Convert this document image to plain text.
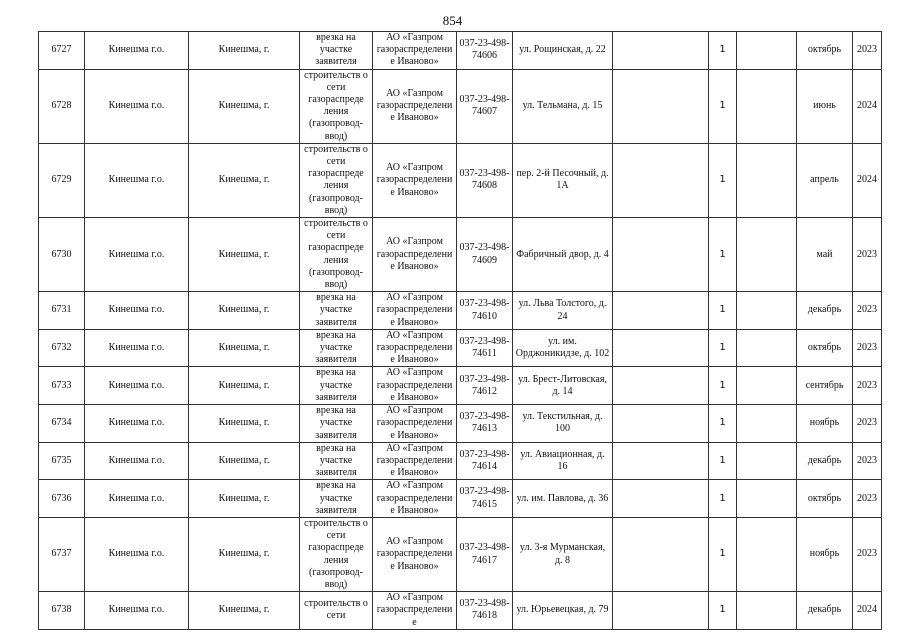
854
6727	Кинешма г.о.	Кинешма, г.	врезка на участке заявителя	АО «Газпром газораспределение Иваново»	037-23-498-74606	ул. Рощинская, д. 22		1		октябрь	2023
6728	Кинешма г.о.	Кинешма, г.	строительств о сети газораспреде ления (газопровод-ввод)	АО «Газпром газораспределение Иваново»	037-23-498-74607	ул. Тельмана, д. 15		1		июнь	2024
6729	Кинешма г.о.	Кинешма, г.	строительств о сети газораспреде ления (газопровод-ввод)	АО «Газпром газораспределение Иваново»	037-23-498-74608	пер. 2-й Песочный, д. 1А		1		апрель	2024
6730	Кинешма г.о.	Кинешма, г.	строительств о сети газораспреде ления (газопровод-ввод)	АО «Газпром газораспределение Иваново»	037-23-498-74609	Фабричный двор, д. 4		1		май	2023
6731	Кинешма г.о.	Кинешма, г.	врезка на участке заявителя	АО «Газпром газораспределение Иваново»	037-23-498-74610	ул. Льва Толстого, д. 24		1		декабрь	2023
6732	Кинешма г.о.	Кинешма, г.	врезка на участке заявителя	АО «Газпром газораспределение Иваново»	037-23-498-74611	ул. им. Орджоникидзе, д. 102		1		октябрь	2023
6733	Кинешма г.о.	Кинешма, г.	врезка на участке заявителя	АО «Газпром газораспределение Иваново»	037-23-498-74612	ул. Брест-Литовская, д. 14		1		сентябрь	2023
6734	Кинешма г.о.	Кинешма, г.	врезка на участке заявителя	АО «Газпром газораспределение Иваново»	037-23-498-74613	ул. Текстильная, д. 100		1		ноябрь	2023
6735	Кинешма г.о.	Кинешма, г.	врезка на участке заявителя	АО «Газпром газораспределение Иваново»	037-23-498-74614	ул. Авиационная, д. 16		1		декабрь	2023
6736	Кинешма г.о.	Кинешма, г.	врезка на участке заявителя	АО «Газпром газораспределение Иваново»	037-23-498-74615	ул. им. Павлова, д. 36		1		октябрь	2023
6737	Кинешма г.о.	Кинешма, г.	строительств о сети газораспреде ления (газопровод-ввод)	АО «Газпром газораспределение Иваново»	037-23-498-74617	ул. 3-я Мурманская, д. 8		1		ноябрь	2023
6738	Кинешма г.о.	Кинешма, г.	строительств о сети	АО «Газпром газораспределение	037-23-498-74618	ул. Юрьевецкая, д. 79		1		декабрь	2024
